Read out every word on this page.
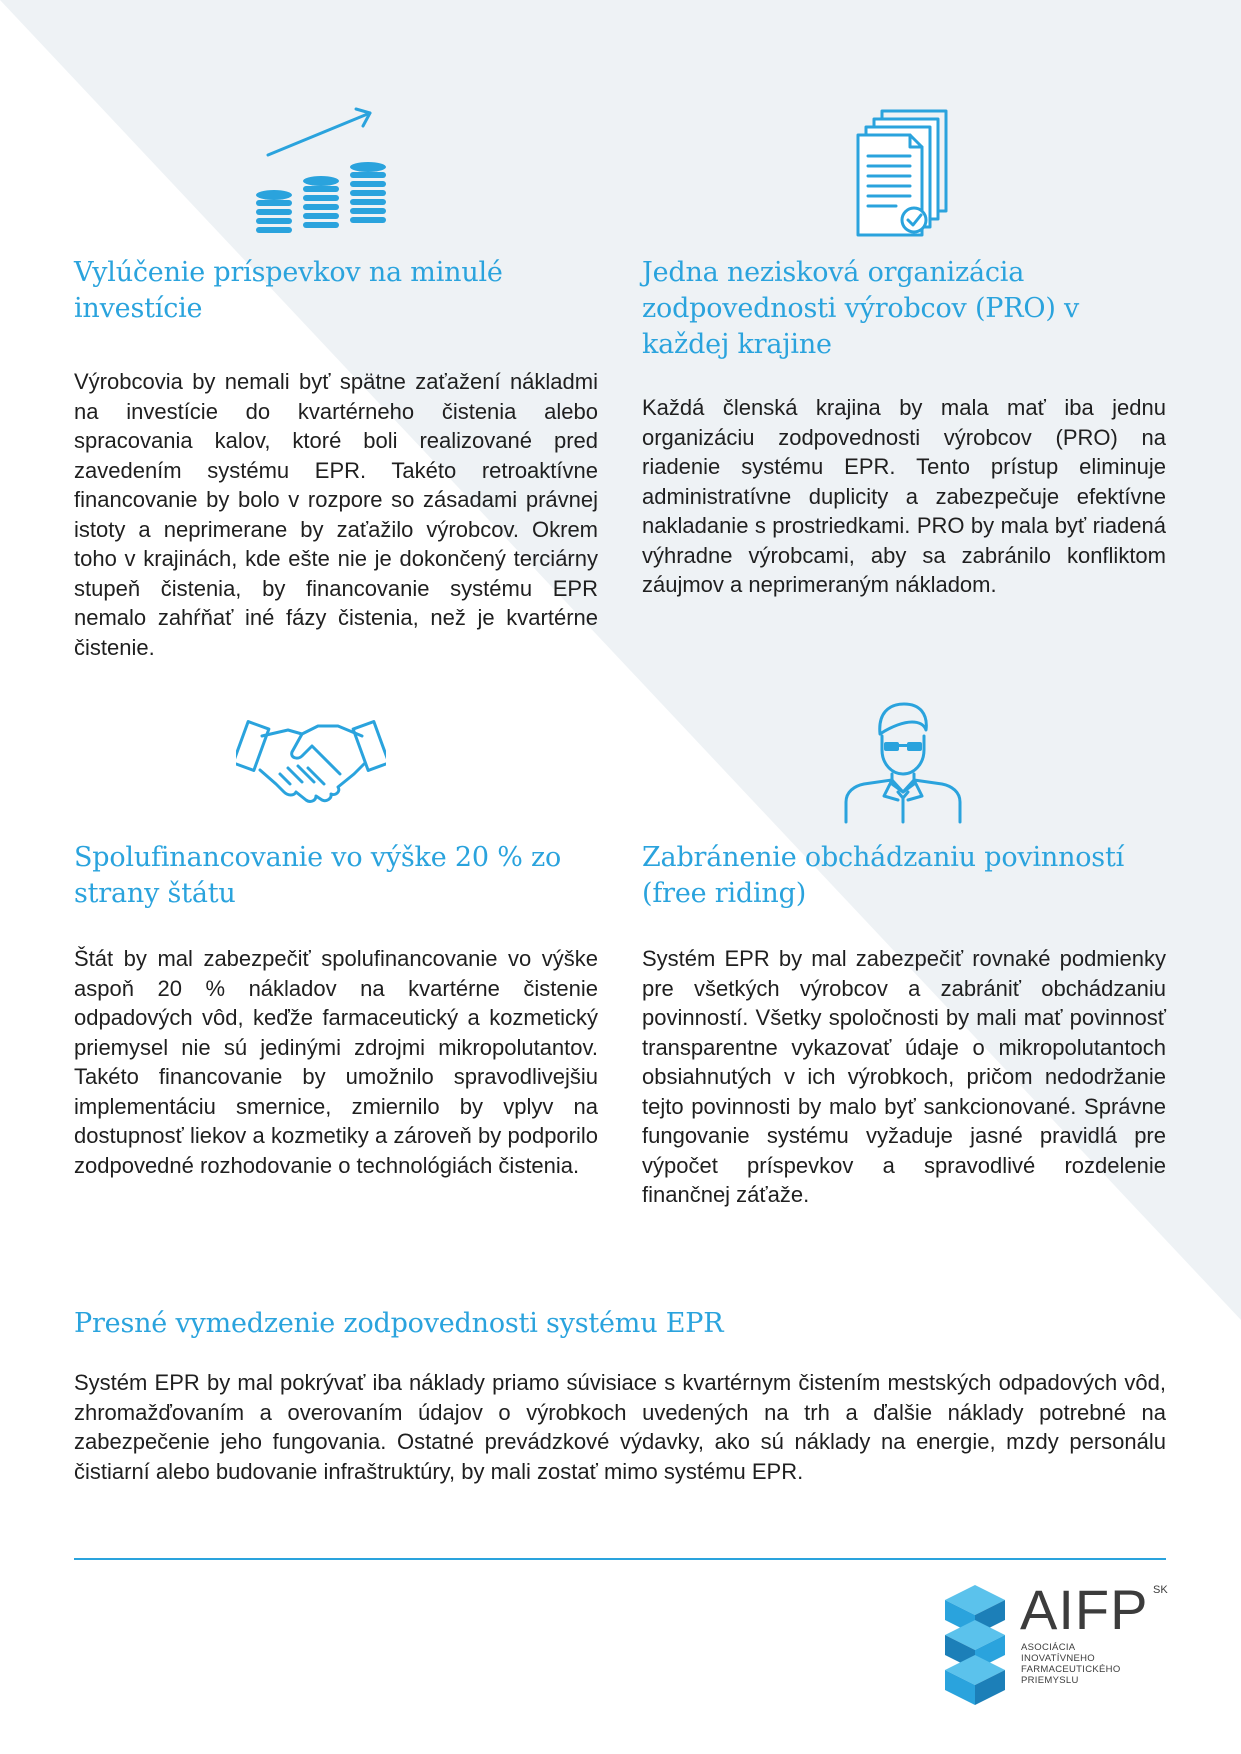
Vylúčenie príspevkov na minulé investície

Výrobcovia by nemali byť spätne zaťažení nákladmi na investície do kvartérneho čistenia alebo spracovania kalov, ktoré boli realizované pred zavedením systému EPR. Takéto retroaktívne financovanie by bolo v rozpore so zásadami právnej istoty a neprimerane by zaťažilo výrobcov. Okrem toho v krajinách, kde ešte nie je dokončený terciárny stupeň čistenia, by financovanie systému EPR nemalo zahŕňať iné fázy čistenia, než je kvartérne čistenie.

Jedna nezisková organizácia zodpovednosti výrobcov (PRO) v každej krajine

Každá členská krajina by mala mať iba jednu organizáciu zodpovednosti výrobcov (PRO) na riadenie systému EPR. Tento prístup eliminuje administratívne duplicity a zabezpečuje efektívne nakladanie s prostriedkami. PRO by mala byť riadená výhradne výrobcami, aby sa zabránilo konfliktom záujmov a neprimeraným nákladom.

Spolufinancovanie vo výške 20 % zo strany štátu

Štát by mal zabezpečiť spolufinancovanie vo výške aspoň 20 % nákladov na kvartérne čistenie odpadových vôd, keďže farmaceutický a kozmetický priemysel nie sú jedinými zdrojmi mikropolutantov. Takéto financovanie by umožnilo spravodlivejšiu implementáciu smernice, zmiernilo by vplyv na dostupnosť liekov a kozmetiky a zároveň by podporilo zodpovedné rozhodovanie o technológiách čistenia.

Zabránenie obchádzaniu povinností (free riding)

Systém EPR by mal zabezpečiť rovnaké podmienky pre všetkých výrobcov a zabrániť obchádzaniu povinností. Všetky spoločnosti by mali mať povinnosť transparentne vykazovať údaje o mikropolutantoch obsiahnutých v ich výrobkoch, pričom nedodržanie tejto povinnosti by malo byť sankcionované. Správne fungovanie systému vyžaduje jasné pravidlá pre výpočet príspevkov a spravodlivé rozdelenie finančnej záťaže.

Presné vymedzenie zodpovednosti systému EPR

Systém EPR by mal pokrývať iba náklady priamo súvisiace s kvartérnym čistením mestských odpadových vôd, zhromažďovaním a overovaním údajov o výrobkoch uvedených na trh a ďalšie náklady potrebné na zabezpečenie jeho fungovania. Ostatné prevádzkové výdavky, ako sú náklady na energie, mzdy personálu čistiarní alebo budovanie infraštruktúry, by mali zostať mimo systému EPR.

AIFP SK
ASOCIÁCIA
INOVATÍVNEHO
FARMACEUTICKÉHO
PRIEMYSLU
